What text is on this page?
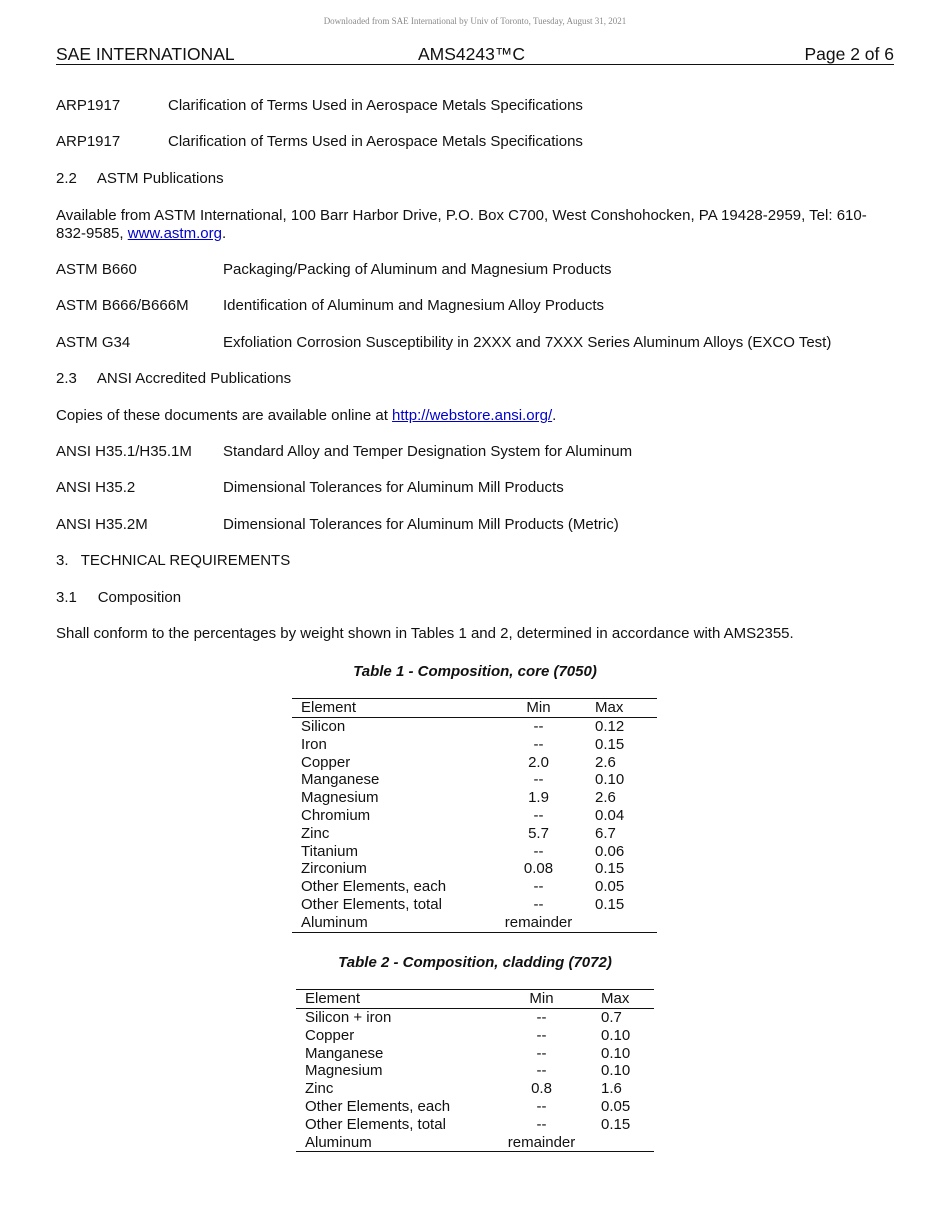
Downloaded from SAE International by Univ of Toronto, Tuesday, August 31, 2021
SAE INTERNATIONAL	AMS4243™C	Page 2 of 6
ARP1917	Clarification of Terms Used in Aerospace Metals Specifications
ARP1917	Clarification of Terms Used in Aerospace Metals Specifications
2.2     ASTM Publications
Available from ASTM International, 100 Barr Harbor Drive, P.O. Box C700, West Conshohocken, PA 19428-2959, Tel: 610-832-9585, www.astm.org.
ASTM B660	Packaging/Packing of Aluminum and Magnesium Products
ASTM B666/B666M Identification of Aluminum and Magnesium Alloy Products
ASTM G34	Exfoliation Corrosion Susceptibility in 2XXX and 7XXX Series Aluminum Alloys (EXCO Test)
2.3     ANSI Accredited Publications
Copies of these documents are available online at http://webstore.ansi.org/.
ANSI H35.1/H35.1M Standard Alloy and Temper Designation System for Aluminum
ANSI H35.2	Dimensional Tolerances for Aluminum Mill Products
ANSI H35.2M	Dimensional Tolerances for Aluminum Mill Products (Metric)
3.   TECHNICAL REQUIREMENTS
3.1     Composition
Shall conform to the percentages by weight shown in Tables 1 and 2, determined in accordance with AMS2355.
Table 1 - Composition, core (7050)
Element	Min	Max
Silicon	--	0.12
Iron	--	0.15
Copper	2.0	2.6
Manganese	--	0.10
Magnesium	1.9	2.6
Chromium	--	0.04
Zinc	5.7	6.7
Titanium	--	0.06
Zirconium	0.08	0.15
Other Elements, each	--	0.05
Other Elements, total	--	0.15
Aluminum	remainder	
Table 2 - Composition, cladding (7072)
Element	Min	Max
Silicon + iron	--	0.7
Copper	--	0.10
Manganese	--	0.10
Magnesium	--	0.10
Zinc	0.8	1.6
Other Elements, each	--	0.05
Other Elements, total	--	0.15
Aluminum	remainder	
